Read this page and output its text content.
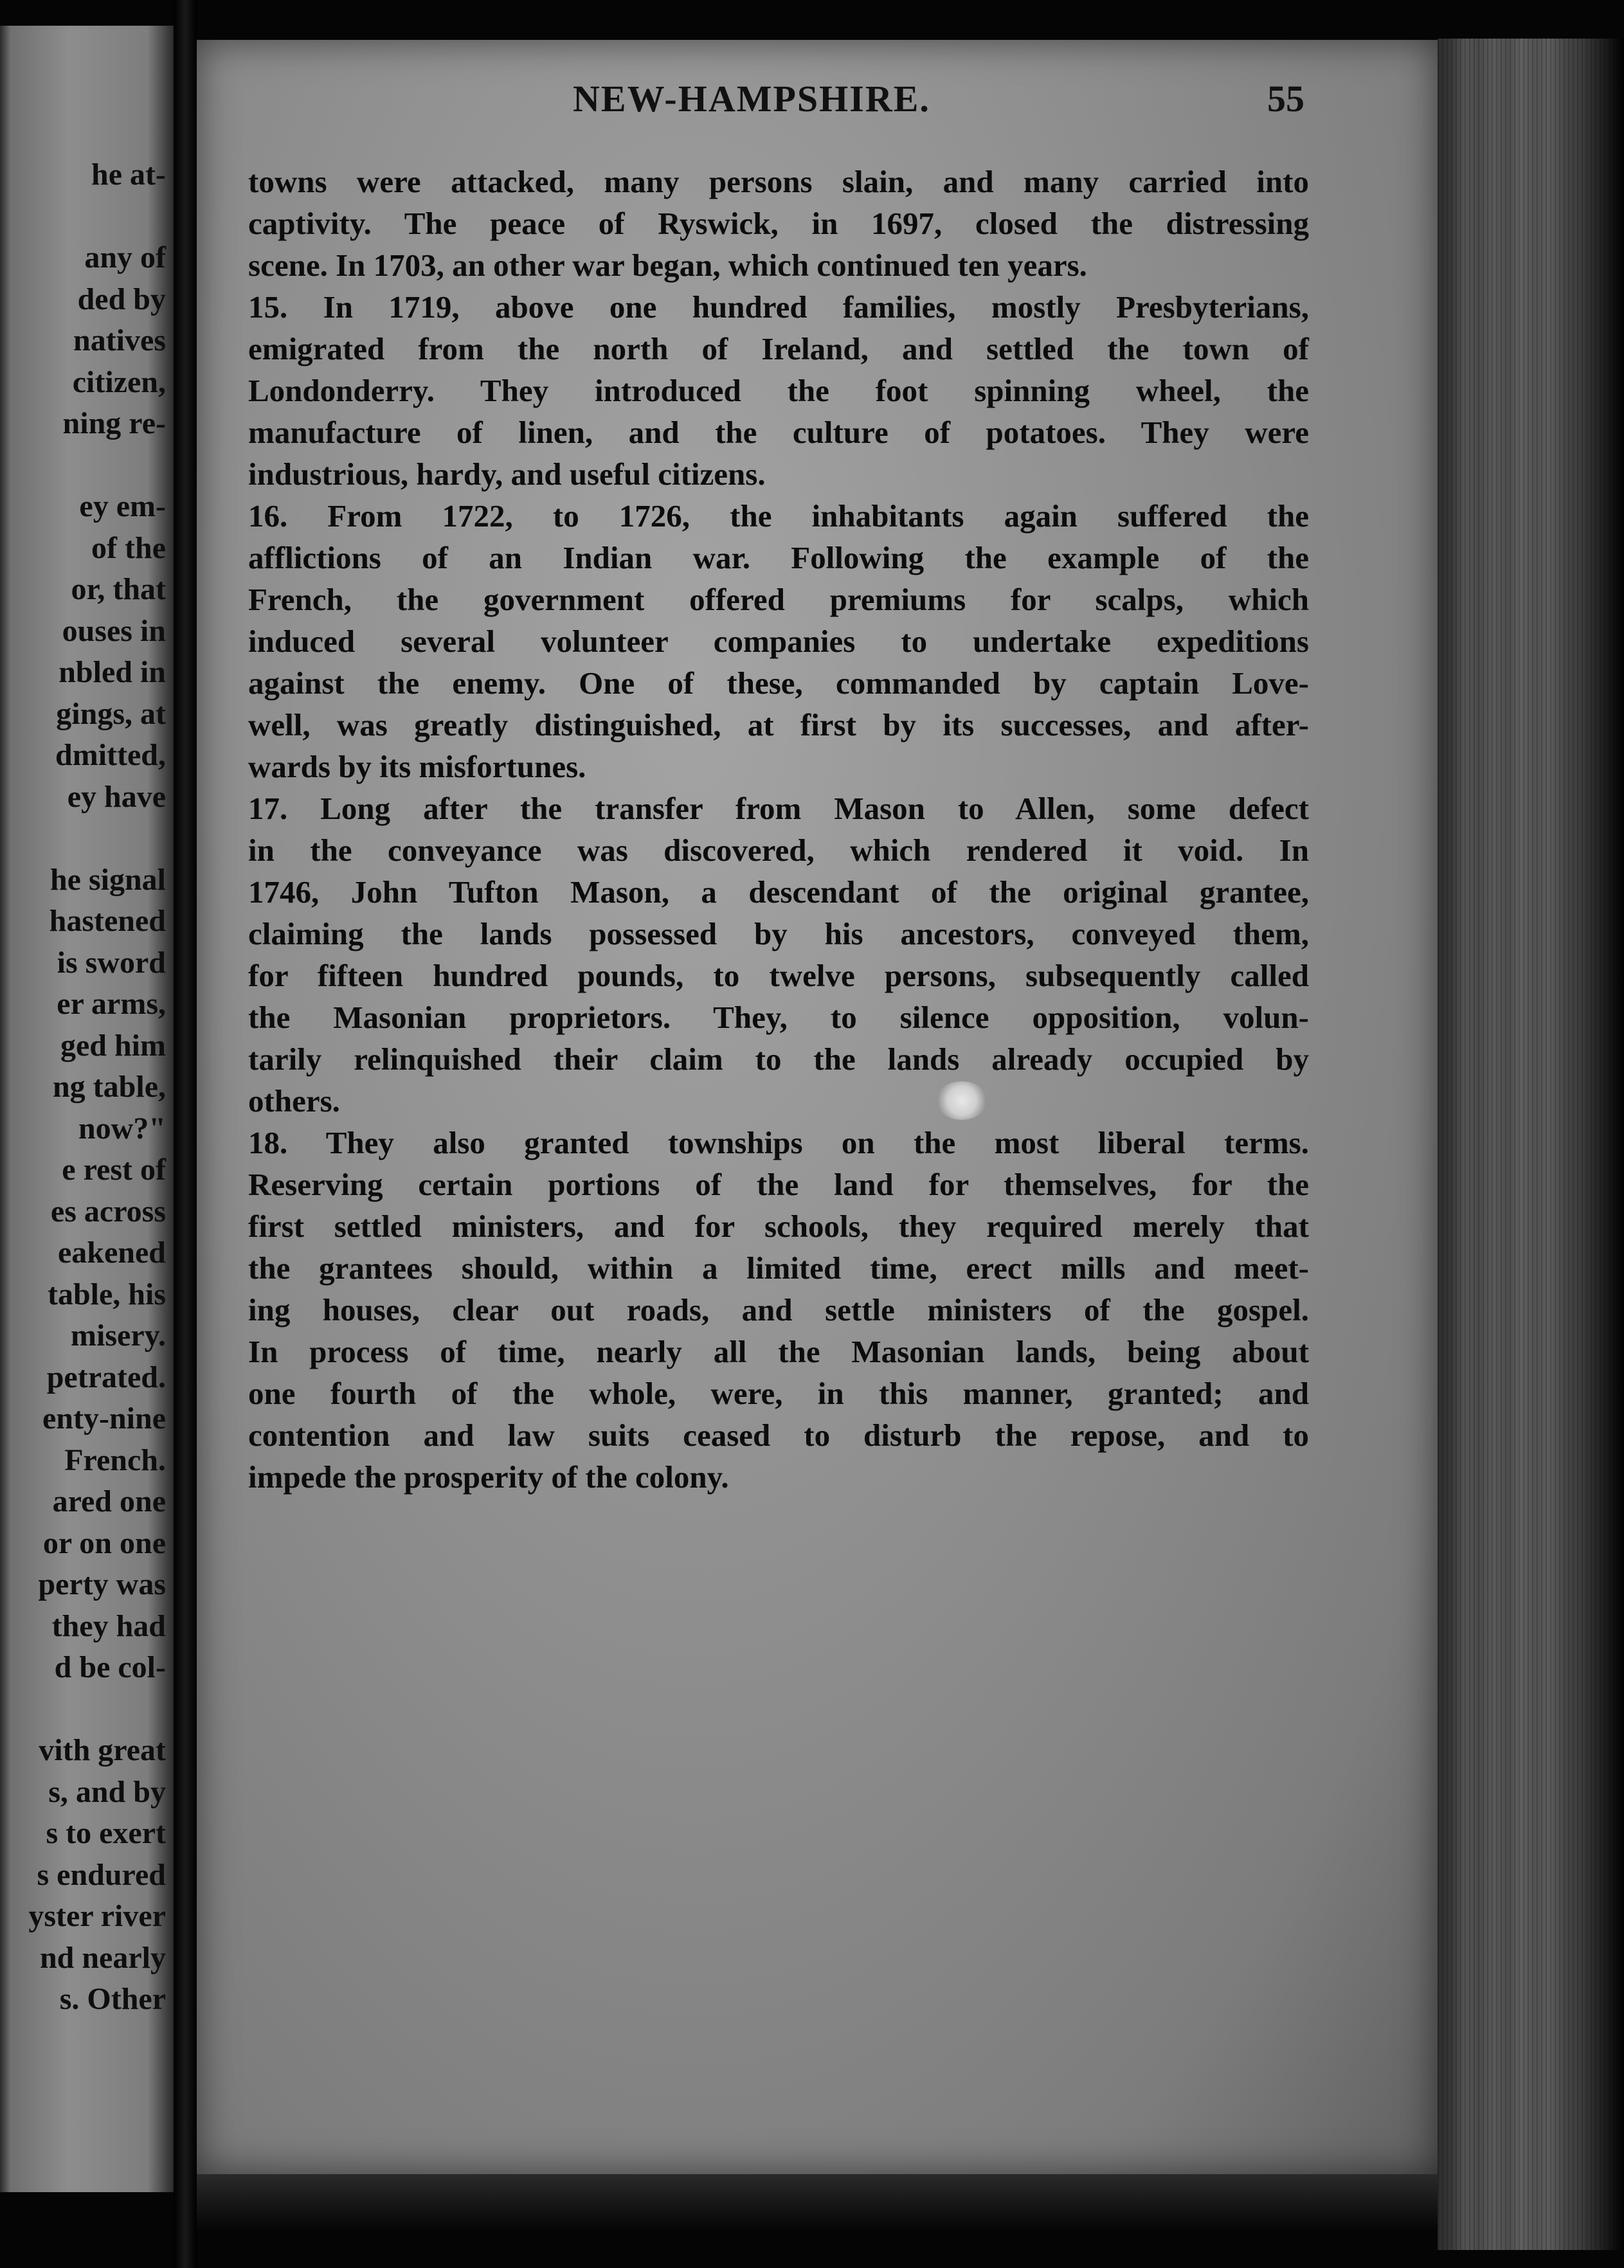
he at-
any of
ded by
natives
citizen,
ning re-
ey em-
of the
or, that
ouses in
nbled in
gings, at
dmitted,
ey have
he signal
hastened
is sword
er arms,
ged him
ng table,
now?"
e rest of
es across
eakened
table, his
misery.
petrated.
enty-nine
French.
ared one
or on one
perty was
they had
d be col-
vith great
s, and by
s to exert
s endured
yster river
nd nearly
s. Other
NEW-HAMPSHIRE.	55
towns were attacked, many persons slain, and many carried into
captivity. The peace of Ryswick, in 1697, closed the distressing
scene. In 1703, an other war began, which continued ten years.
15. In 1719, above one hundred families, mostly Presbyterians,
emigrated from the north of Ireland, and settled the town of
Londonderry. They introduced the foot spinning wheel, the
manufacture of linen, and the culture of potatoes. They were
industrious, hardy, and useful citizens.
16. From 1722, to 1726, the inhabitants again suffered the
afflictions of an Indian war. Following the example of the
French, the government offered premiums for scalps, which
induced several volunteer companies to undertake expeditions
against the enemy. One of these, commanded by captain Love-
well, was greatly distinguished, at first by its successes, and after-
wards by its misfortunes.
17. Long after the transfer from Mason to Allen, some defect
in the conveyance was discovered, which rendered it void. In
1746, John Tufton Mason, a descendant of the original grantee,
claiming the lands possessed by his ancestors, conveyed them,
for fifteen hundred pounds, to twelve persons, subsequently called
the Masonian proprietors. They, to silence opposition, volun-
tarily relinquished their claim to the lands already occupied by
others.
18. They also granted townships on the most liberal terms.
Reserving certain portions of the land for themselves, for the
first settled ministers, and for schools, they required merely that
the grantees should, within a limited time, erect mills and meet-
ing houses, clear out roads, and settle ministers of the gospel.
In process of time, nearly all the Masonian lands, being about
one fourth of the whole, were, in this manner, granted; and
contention and law suits ceased to disturb the repose, and to
impede the prosperity of the colony.
